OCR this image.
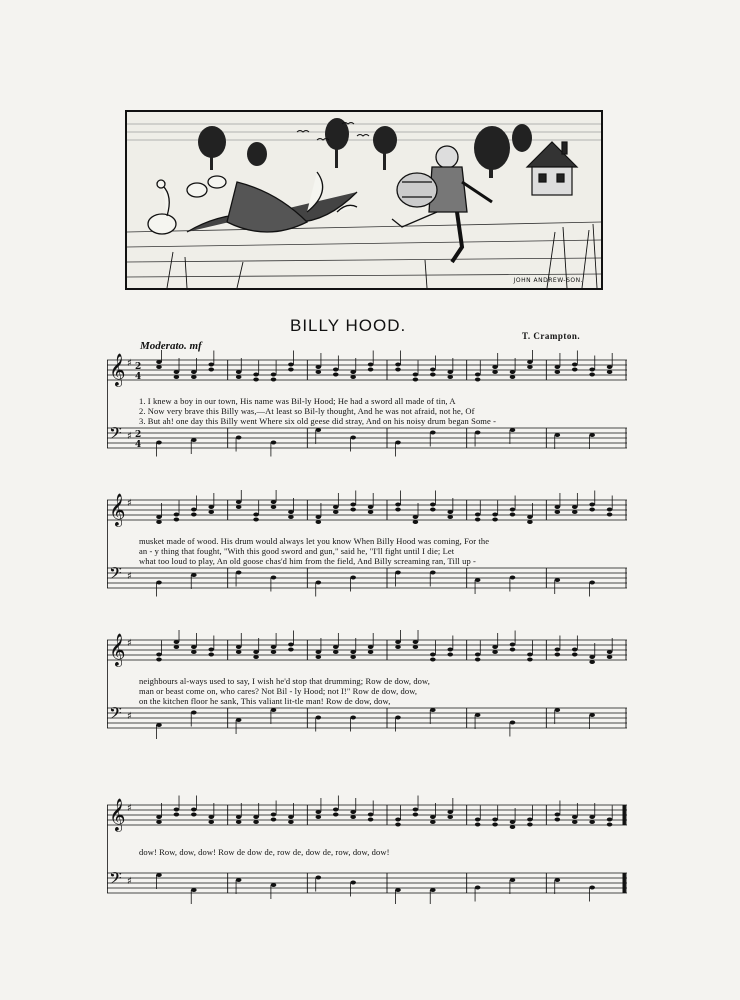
JOHN ANDREW-SON.
BILLY HOOD.
T. Crampton.
Moderato. mf
𝄞 ♯ 2
4
𝄢 ♯ 2
4
1. I knew a boy in our town, His name was Bil-ly Hood; He had a sword all made of tin, A
2. Now very brave this Billy was,—At least so Bil-ly thought, And he was not afraid, not he, Of
3. But ah! one day this Billy went Where six old geese did stray, And on his noisy drum began Some -
𝄞 ♯
𝄢 ♯
musket made of wood. His drum would always let you know When Billy Hood was coming, For the
an - y thing that fought, "With this good sword and gun," said he, "I'll fight until I die; Let
what too loud to play, An old goose chas'd him from the field, And Billy screaming ran, Till up -
𝄞 ♯
𝄢 ♯
neighbours al-ways used to say, I wish he'd stop that drumming; Row de dow, dow,
man or beast come on, who cares? Not Bil - ly Hood; not I!" Row de dow, dow,
on the kitchen floor he sank, This valiant lit-tle man! Row de dow, dow,
𝄞 ♯
𝄢 ♯
dow! Row, dow, dow! Row de dow de, row de, dow de, row, dow, dow!
